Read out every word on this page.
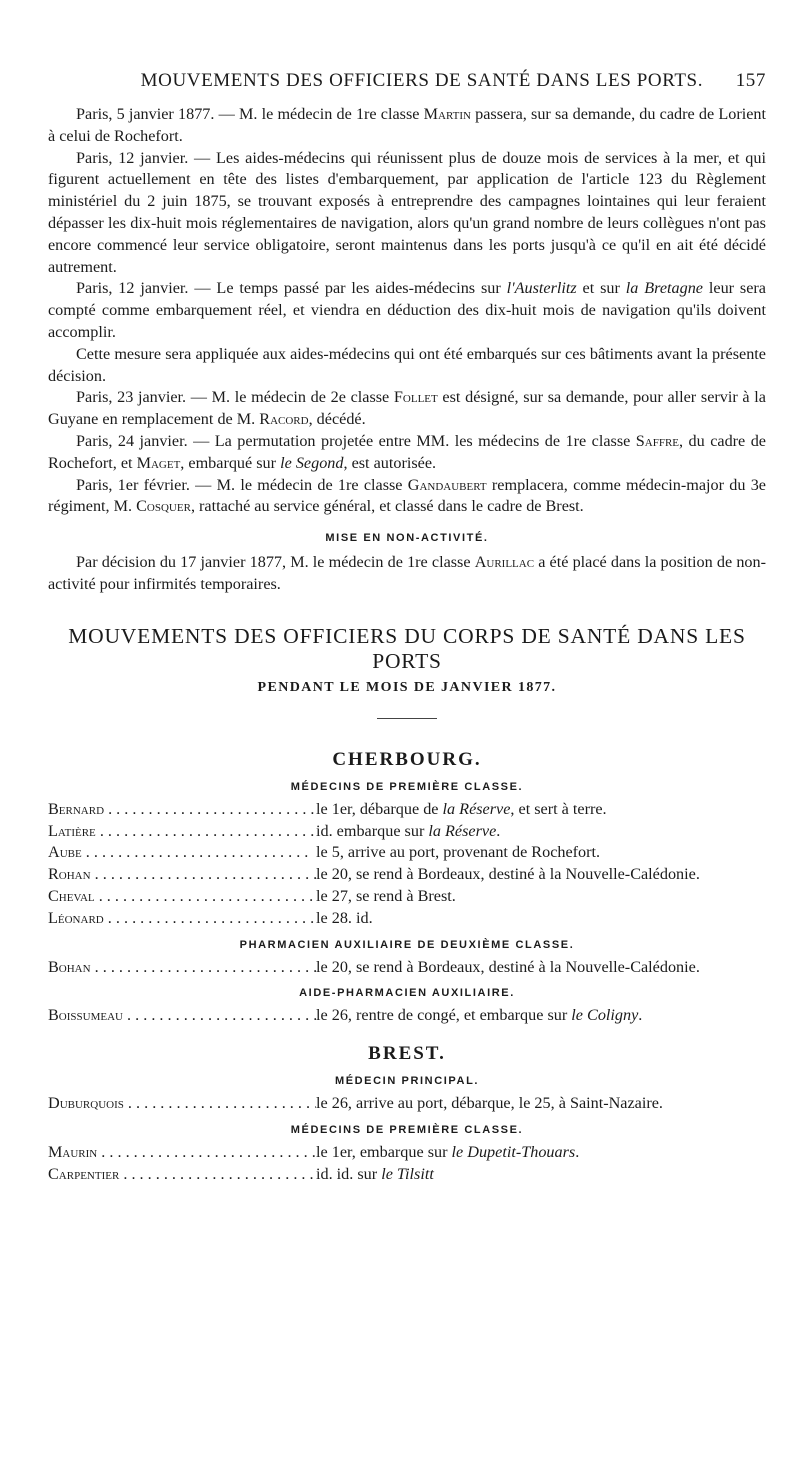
MOUVEMENTS DES OFFICIERS DE SANTÉ DANS LES PORTS.	157

Paris, 5 janvier 1877. — M. le médecin de 1re classe Martin passera, sur sa demande, du cadre de Lorient à celui de Rochefort.

Paris, 12 janvier. — Les aides-médecins qui réunissent plus de douze mois de services à la mer, et qui figurent actuellement en tête des listes d'embarquement, par application de l'article 123 du Règlement ministériel du 2 juin 1875, se trouvant exposés à entreprendre des campagnes lointaines qui leur feraient dépasser les dix-huit mois réglementaires de navigation, alors qu'un grand nombre de leurs collègues n'ont pas encore commencé leur service obligatoire, seront maintenus dans les ports jusqu'à ce qu'il en ait été décidé autrement.

Paris, 12 janvier. — Le temps passé par les aides-médecins sur l'Austerlitz et sur la Bretagne leur sera compté comme embarquement réel, et viendra en déduction des dix-huit mois de navigation qu'ils doivent accomplir.

Cette mesure sera appliquée aux aides-médecins qui ont été embarqués sur ces bâtiments avant la présente décision.

Paris, 23 janvier. — M. le médecin de 2e classe Follet est désigné, sur sa demande, pour aller servir à la Guyane en remplacement de M. Racord, décédé.

Paris, 24 janvier. — La permutation projetée entre MM. les médecins de 1re classe Saffre, du cadre de Rochefort, et Maget, embarqué sur le Segond, est autorisée.

Paris, 1er février. — M. le médecin de 1re classe Gandaubert remplacera, comme médecin-major du 3e régiment, M. Cosquer, rattaché au service général, et classé dans le cadre de Brest.

MISE EN NON-ACTIVITÉ.

Par décision du 17 janvier 1877, M. le médecin de 1re classe Aurillac a été placé dans la position de non-activité pour infirmités temporaires.

MOUVEMENTS DES OFFICIERS DU CORPS DE SANTÉ DANS LES PORTS
PENDANT LE MOIS DE JANVIER 1877.
CHERBOURG.
MÉDECINS DE PREMIÈRE CLASSE.
Bernard . . .	le 1er, débarque de la Réserve, et sert à terre.
Latière . . .	id. embarque sur la Réserve.
Aube . . .	le 5, arrive au port, provenant de Rochefort.
Rohan . . .	le 20, se rend à Bordeaux, destiné à la Nouvelle-Calédonie.
Cheval . . .	le 27, se rend à Brest.
Léonard . . .	le 28. id.
PHARMACIEN AUXILIAIRE DE DEUXIÈME CLASSE.
Bohan . . .	le 20, se rend à Bordeaux, destiné à la Nouvelle-Calédonie.
AIDE-PHARMACIEN AUXILIAIRE.
Boissumeau . . .	le 26, rentre de congé, et embarque sur le Coligny.
BREST.
MÉDECIN PRINCIPAL.
Duburquois . . .	le 26, arrive au port, débarque, le 25, à Saint-Nazaire.
MÉDECINS DE PREMIÈRE CLASSE.
Maurin . . .	le 1er, embarque sur le Dupetit-Thouars.
Carpentier . . .	id. id. sur le Tilsitt
